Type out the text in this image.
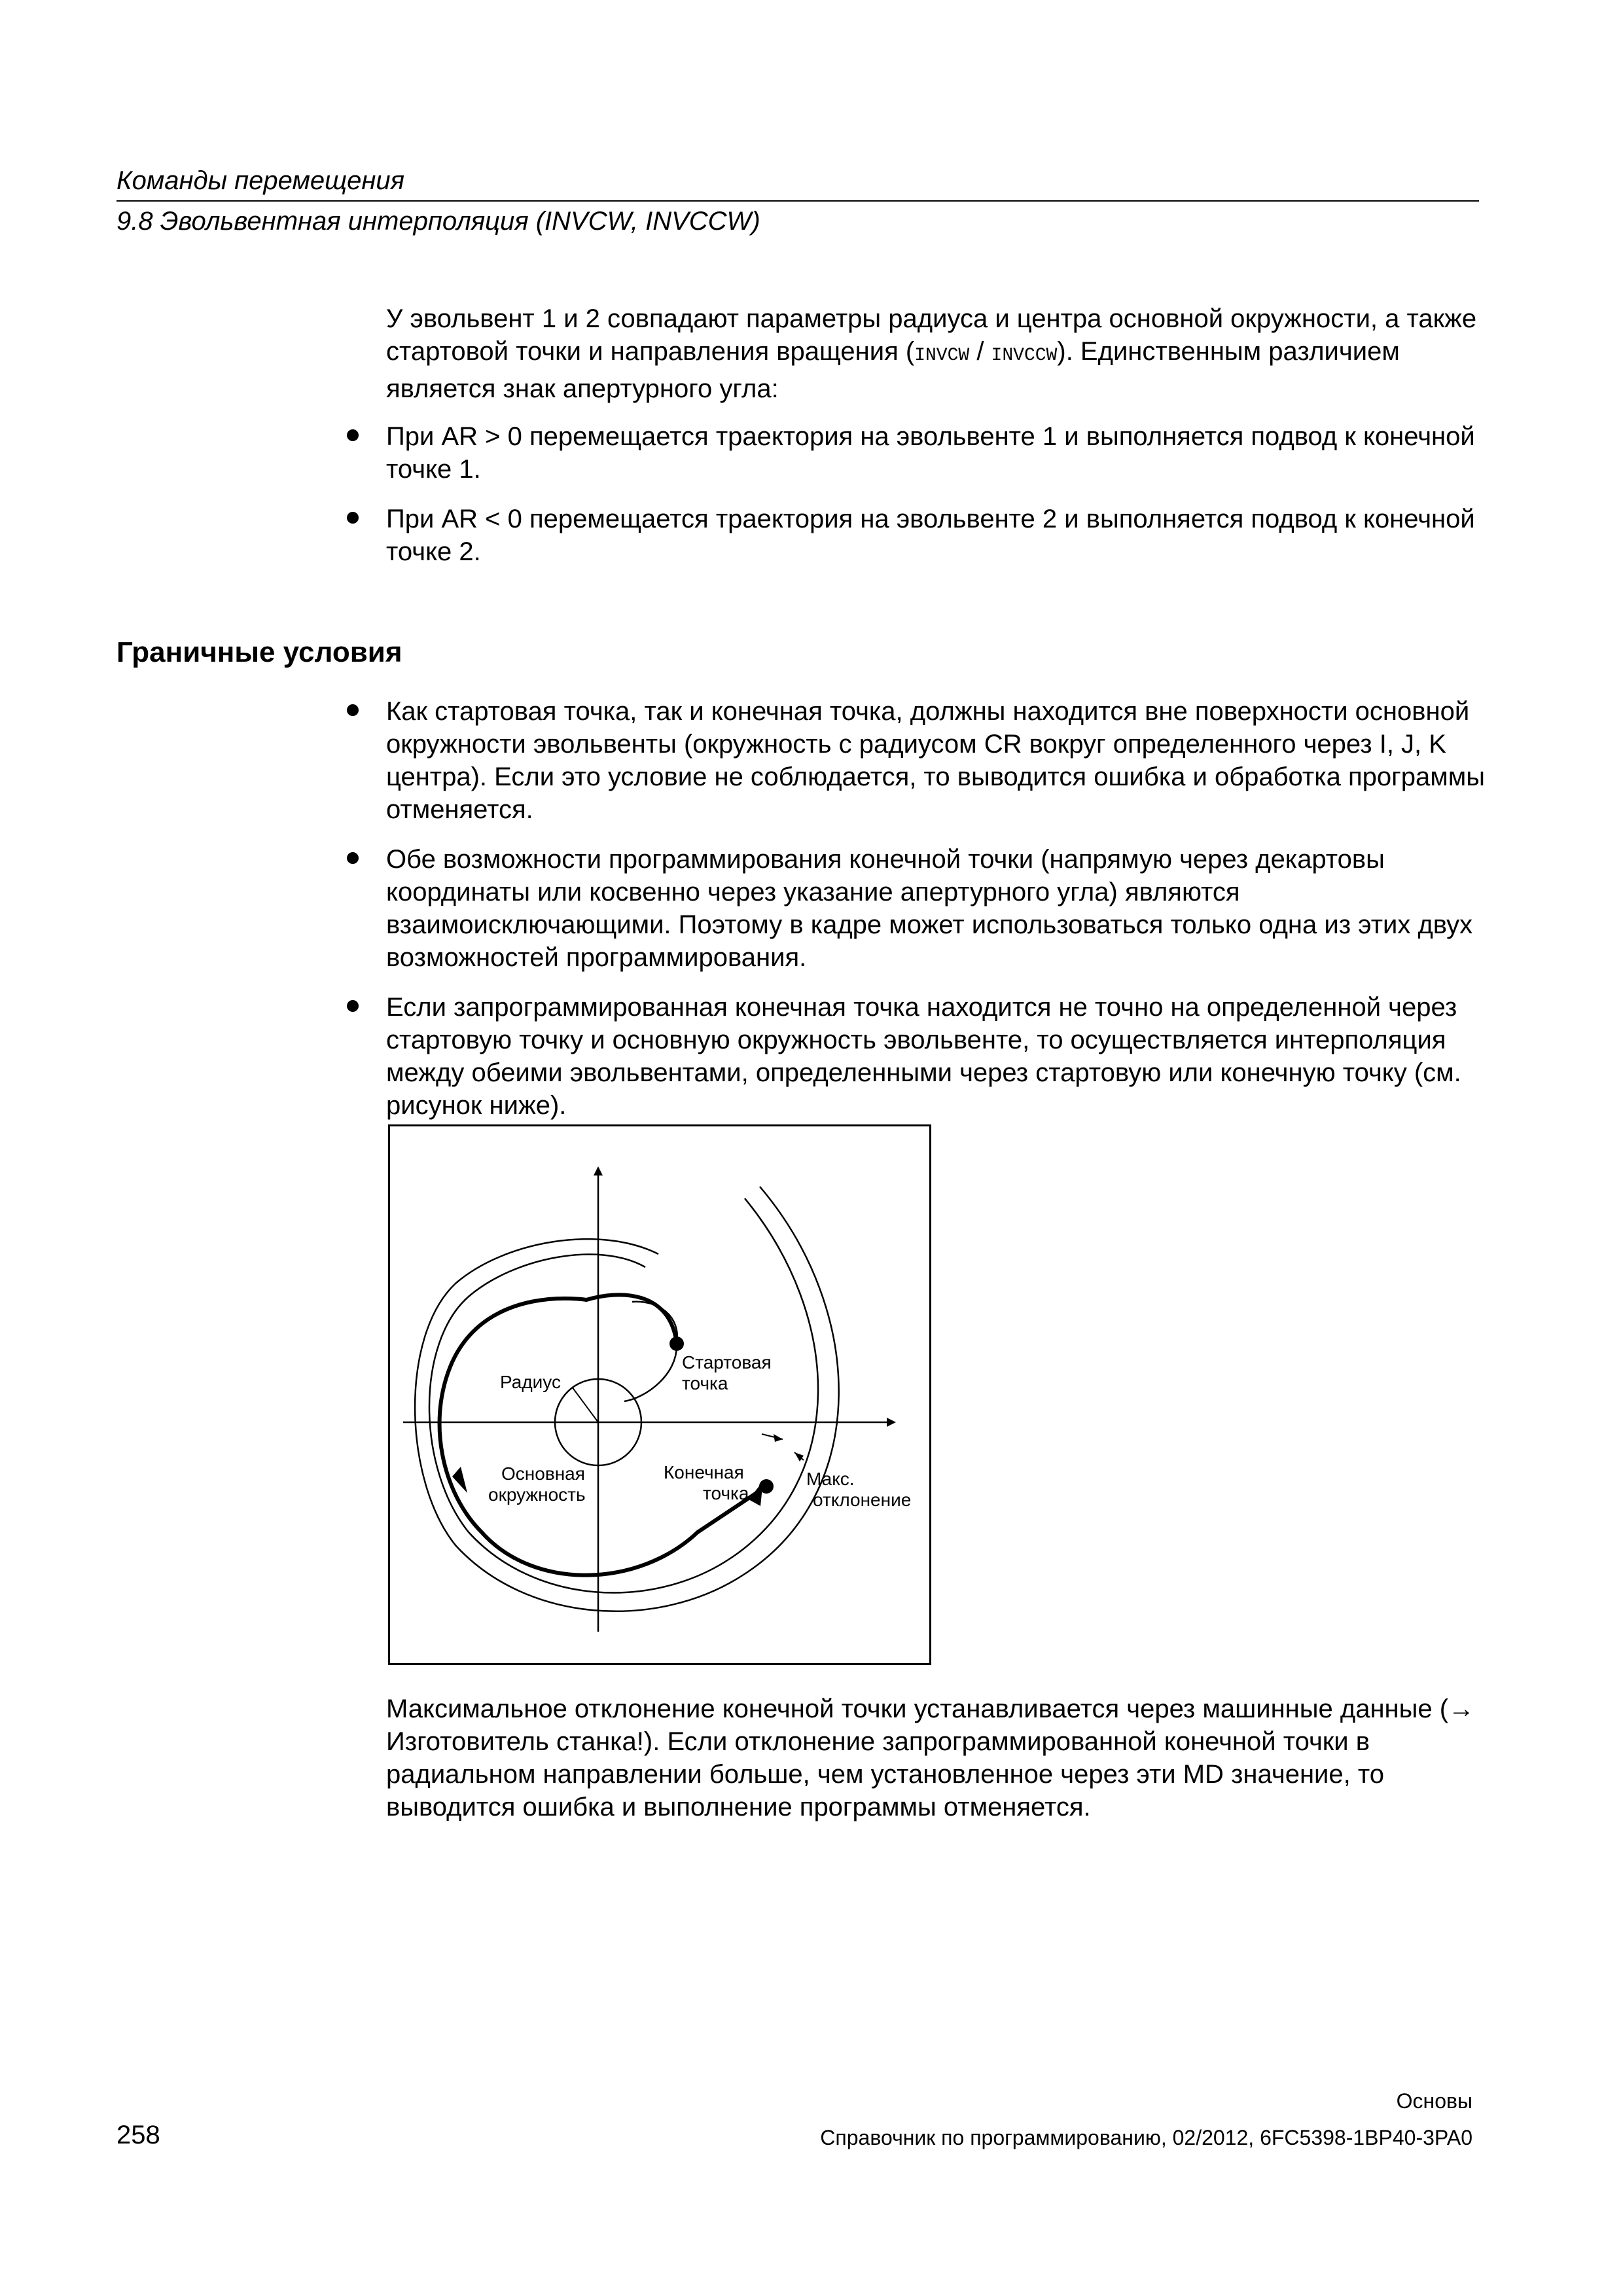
Команды перемещения
9.8 Эвольвентная интерполяция (INVCW, INVCCW)
У эвольвент 1 и 2 совпадают параметры радиуса и центра основной окружности, а также стартовой точки и направления вращения (INVCW / INVCCW). Единственным различием является знак апертурного угла:
При AR > 0 перемещается траектория на эвольвенте 1 и выполняется подвод к конечной точке 1.
При AR < 0 перемещается траектория на эвольвенте 2 и выполняется подвод к конечной точке 2.
Граничные условия
Как стартовая точка, так и конечная точка, должны находится вне поверхности основной окружности эвольвенты (окружность с радиусом CR вокруг определенного через I, J, K центра). Если это условие не соблюдается, то выводится ошибка и обработка программы отменяется.
Обе возможности программирования конечной точки (напрямую через декартовы координаты или косвенно через указание апертурного угла) являются взаимоисключающими. Поэтому в кадре может использоваться только одна из этих двух возможностей программирования.
Если запрограммированная конечная точка находится не точно на определенной через стартовую точку и основную окружность эвольвенте, то осуществляется интерполяция между обеими эвольвентами, определенными через стартовую или конечную точку (см. рисунок ниже).
Радиус
Стартовая
точка
Основная
окружность
Конечная
точка
Макс.
отклонение
Максимальное отклонение конечной точки устанавливается через машинные данные (→ Изготовитель станка!). Если отклонение запрограммированной конечной точки в радиальном направлении больше, чем установленное через эти MD значение, то выводится ошибка и выполнение программы отменяется.
Основы
258	Справочник по программированию, 02/2012, 6FC5398-1BP40-3PA0
